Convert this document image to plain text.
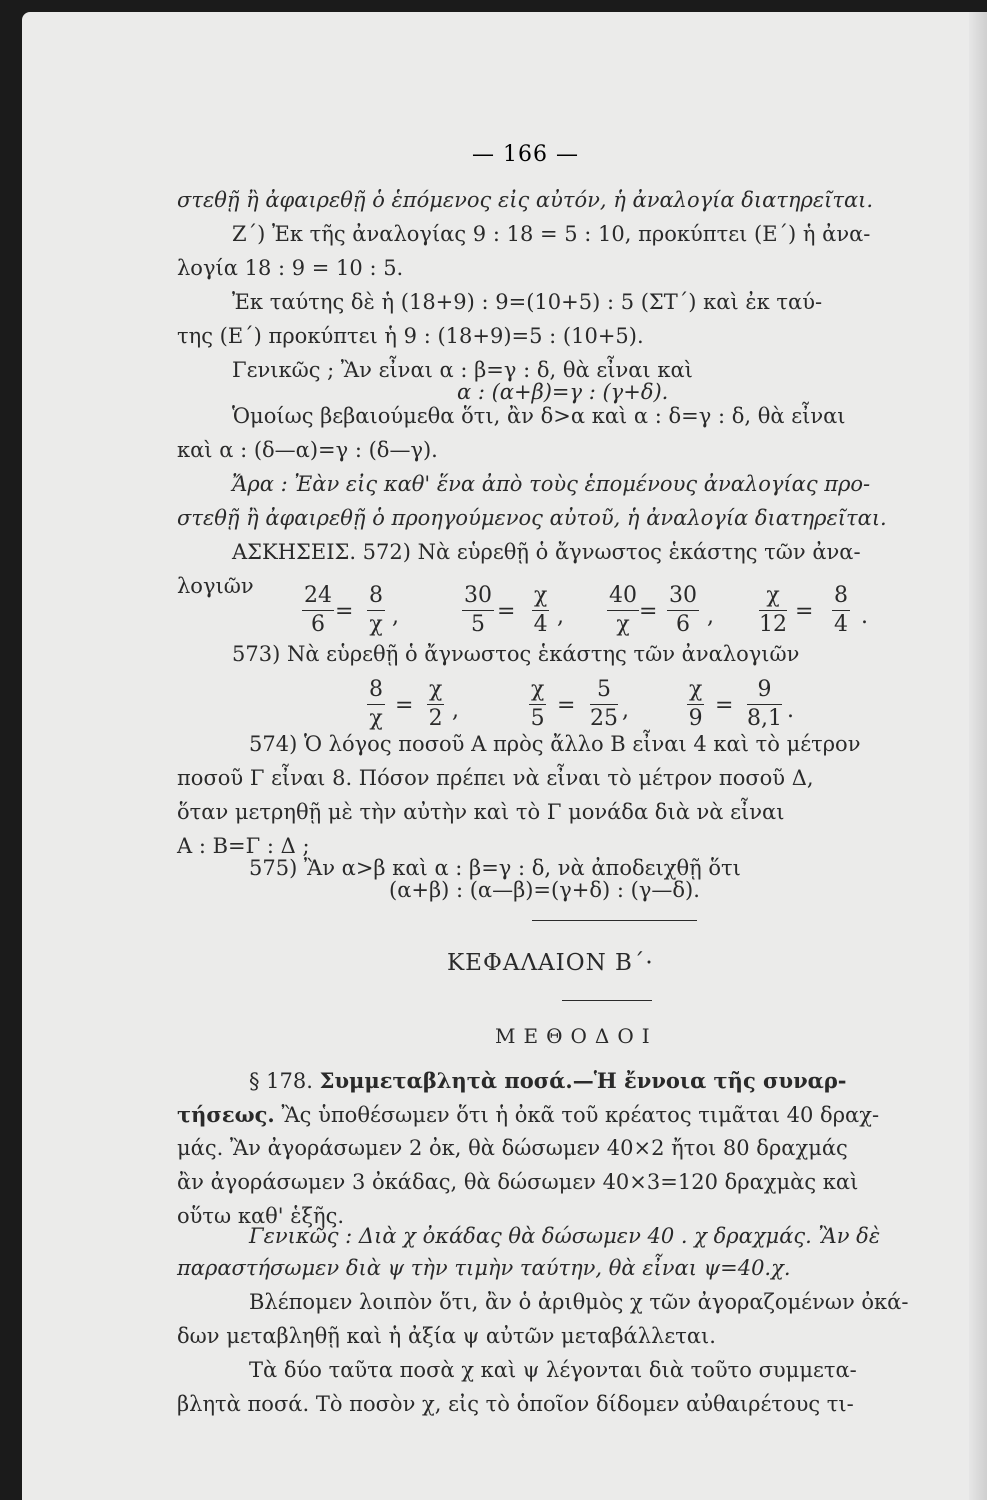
— 166 —
στεθῇ ἢ ἀφαιρεθῇ ὁ ἑπόμενος εἰς αὐτόν, ἡ ἀναλογία διατηρεῖται.
Ζ΄) Ἐκ τῆς ἀναλογίας 9 : 18 = 5 : 10, προκύπτει (Ε΄) ἡ ἀνα-
λογία 18 : 9 = 10 : 5.
Ἐκ ταύτης δὲ ἡ (18+9) : 9=(10+5) : 5 (ΣΤ΄) καὶ ἐκ ταύ-
της (Ε΄) προκύπτει ἡ 9 : (18+9)=5 : (10+5).
Γενικῶς ; Ἂν εἶναι α : β=γ : δ, θὰ εἶναι καὶ
α : (α+β)=γ : (γ+δ).
Ὁμοίως βεβαιούμεθα ὅτι, ἂν δ>α καὶ α : δ=γ : δ, θὰ εἶναι
καὶ α : (δ—α)=γ : (δ—γ).
Ἄρα : Ἐὰν εἰς καθ' ἕνα ἀπὸ τοὺς ἑπομένους ἀναλογίας προ-
στεθῇ ἢ ἀφαιρεθῇ ὁ προηγούμενος αὐτοῦ, ἡ ἀναλογία διατηρεῖται.
ΑΣΚΗΣΕΙΣ. 572) Νὰ εὑρεθῇ ὁ ἄγνωστος ἑκάστης τῶν ἀνα-
λογιῶν $\frac{24}{6} = \frac{8}{\chi}$ ,	$\frac{30}{5} = \frac{\chi}{4}$ , $\frac{40}{\chi} = \frac{30}{6}$ , $\frac{\chi}{12} = \frac{8}{4}$ .
573) Νὰ εὑρεθῇ ὁ ἄγνωστος ἑκάστης τῶν ἀναλογιῶν
$\frac{8}{\chi} = \frac{\chi}{2}$ ,	$\frac{\chi}{5} = \frac{5}{25}$ ,	$\frac{\chi}{9} = \frac{9}{8,1}$ .
574) Ὁ λόγος ποσοῦ Α πρὸς ἄλλο Β εἶναι 4 καὶ τὸ μέτρον
ποσοῦ Γ εἶναι 8. Πόσον πρέπει νὰ εἶναι τὸ μέτρον ποσοῦ Δ,
ὅταν μετρηθῇ μὲ τὴν αὐτὴν καὶ τὸ Γ μονάδα διὰ νὰ εἶναι
Α : Β=Γ : Δ ;
575) Ἂν α>β καὶ α : β=γ : δ, νὰ ἀποδειχθῇ ὅτι
(α+β) : (α—β)=(γ+δ) : (γ—δ).
ΚΕΦΑΛΑΙΟΝ Β΄·
ΜΕΘΟΔΟΙ
§ 178. Συμμεταβλητὰ ποσά.—Ἡ ἔννοια τῆς συναρ-
τήσεως. Ἂς ὑποθέσωμεν ὅτι ἡ ὀκᾶ τοῦ κρέατος τιμᾶται 40 δραχ-
μάς. Ἂν ἀγοράσωμεν 2 ὀκ, θὰ δώσωμεν 40×2 ἤτοι 80 δραχμάς
ἂν ἀγοράσωμεν 3 ὀκάδας, θὰ δώσωμεν 40×3=120 δραχμὰς καὶ
οὕτω καθ' ἑξῆς.
Γενικῶς : Διὰ χ ὀκάδας θὰ δώσωμεν 40 . χ δραχμάς. Ἂν δὲ
παραστήσωμεν διὰ ψ τὴν τιμὴν ταύτην, θὰ εἶναι ψ=40.χ.
Βλέπομεν λοιπὸν ὅτι, ἂν ὁ ἀριθμὸς χ τῶν ἀγοραζομένων ὀκά-
δων μεταβληθῇ καὶ ἡ ἀξία ψ αὐτῶν μεταβάλλεται.
Τὰ δύο ταῦτα ποσὰ χ καὶ ψ λέγονται διὰ τοῦτο συμμετα-
βλητὰ ποσά. Τὸ ποσὸν χ, εἰς τὸ ὁποῖον δίδομεν αὐθαιρέτους τι-
